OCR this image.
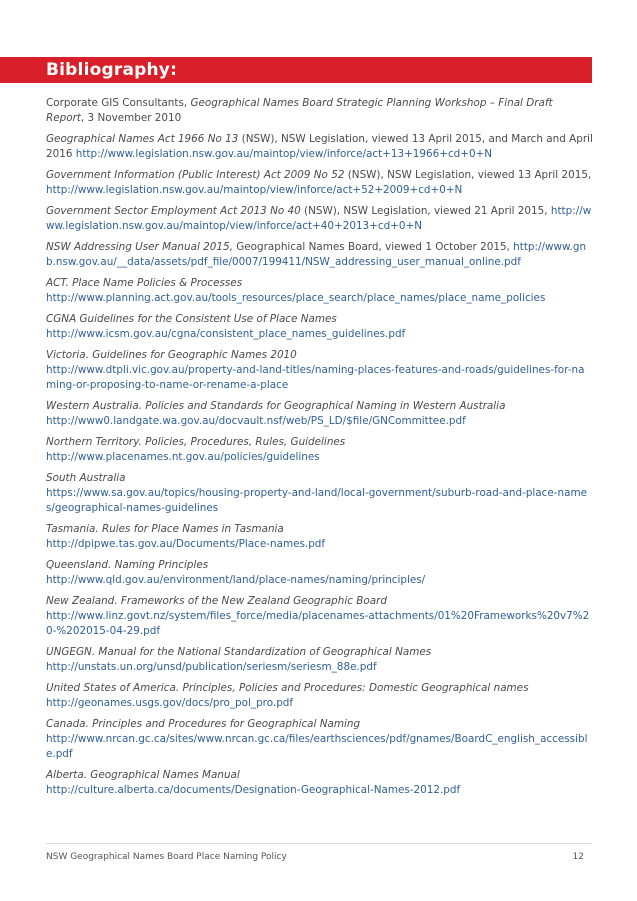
Bibliography:

Corporate GIS Consultants, Geographical Names Board Strategic Planning Workshop – Final Draft Report, 3 November 2010

Geographical Names Act 1966 No 13 (NSW), NSW Legislation, viewed 13 April 2015, and March and April 2016 http://www.legislation.nsw.gov.au/maintop/view/inforce/act+13+1966+cd+0+N

Government Information (Public Interest) Act 2009 No 52 (NSW), NSW Legislation, viewed 13 April 2015, http://www.legislation.nsw.gov.au/maintop/view/inforce/act+52+2009+cd+0+N

Government Sector Employment Act 2013 No 40 (NSW), NSW Legislation, viewed 21 April 2015, http://www.legislation.nsw.gov.au/maintop/view/inforce/act+40+2013+cd+0+N

NSW Addressing User Manual 2015, Geographical Names Board, viewed 1 October 2015, http://www.gnb.nsw.gov.au/__data/assets/pdf_file/0007/199411/NSW_addressing_user_manual_online.pdf

ACT. Place Name Policies & Processes

http://www.planning.act.gov.au/tools_resources/place_search/place_names/place_name_policies

CGNA Guidelines for the Consistent Use of Place Names

http://www.icsm.gov.au/cgna/consistent_place_names_guidelines.pdf

Victoria. Guidelines for Geographic Names 2010

http://www.dtpli.vic.gov.au/property-and-land-titles/naming-places-features-and-roads/guidelines-for-naming-or-proposing-to-name-or-rename-a-place

Western Australia. Policies and Standards for Geographical Naming in Western Australia

http://www0.landgate.wa.gov.au/docvault.nsf/web/PS_LD/$file/GNCommittee.pdf

Northern Territory. Policies, Procedures, Rules, Guidelines

http://www.placenames.nt.gov.au/policies/guidelines

South Australia

https://www.sa.gov.au/topics/housing-property-and-land/local-government/suburb-road-and-place-names/geographical-names-guidelines

Tasmania. Rules for Place Names in Tasmania

http://dpipwe.tas.gov.au/Documents/Place-names.pdf

Queensland. Naming Principles

http://www.qld.gov.au/environment/land/place-names/naming/principles/

New Zealand. Frameworks of the New Zealand Geographic Board

http://www.linz.govt.nz/system/files_force/media/placenames-attachments/01%20Frameworks%20v7%20-%202015-04-29.pdf

UNGEGN. Manual for the National Standardization of Geographical Names

http://unstats.un.org/unsd/publication/seriesm/seriesm_88e.pdf

United States of America. Principles, Policies and Procedures: Domestic Geographical names

http://geonames.usgs.gov/docs/pro_pol_pro.pdf

Canada. Principles and Procedures for Geographical Naming

http://www.nrcan.gc.ca/sites/www.nrcan.gc.ca/files/earthsciences/pdf/gnames/BoardC_english_accessible.pdf

Alberta. Geographical Names Manual

http://culture.alberta.ca/documents/Designation-Geographical-Names-2012.pdf

NSW Geographical Names Board Place Naming Policy	12
